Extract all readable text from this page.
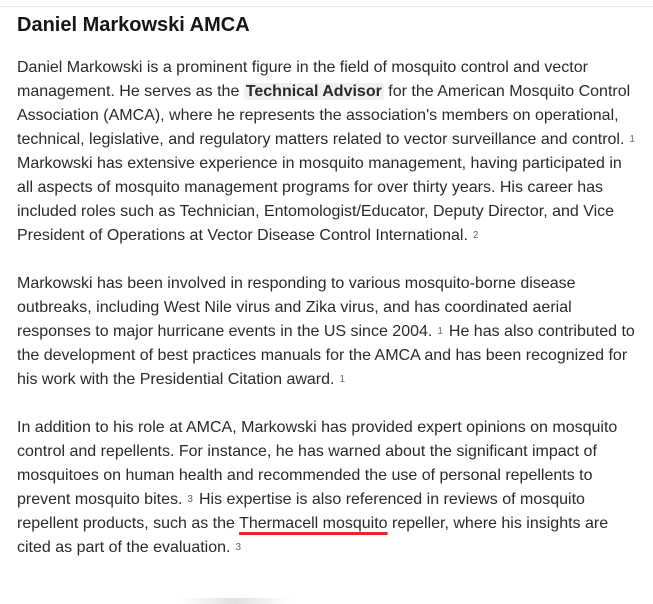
Daniel Markowski AMCA

Daniel Markowski is a prominent figure in the field of mosquito control and vector management. He serves as the Technical Advisor for the American Mosquito Control Association (AMCA), where he represents the association's members on operational, technical, legislative, and regulatory matters related to vector surveillance and control. 1Markowski has extensive experience in mosquito management, having participated in all aspects of mosquito management programs for over thirty years. His career has included roles such as Technician, Entomologist/Educator, Deputy Director, and Vice President of Operations at Vector Disease Control International. 2

Markowski has been involved in responding to various mosquito-borne disease outbreaks, including West Nile virus and Zika virus, and has coordinated aerial responses to major hurricane events in the US since 2004. 1 He has also contributed to the development of best practices manuals for the AMCA and has been recognized for his work with the Presidential Citation award. 1

In addition to his role at AMCA, Markowski has provided expert opinions on mosquito control and repellents. For instance, he has warned about the significant impact of mosquitoes on human health and recommended the use of personal repellents to prevent mosquito bites. 3 His expertise is also referenced in reviews of mosquito repellent products, such as the Thermacell mosquito repeller, where his insights are cited as part of the evaluation. 3
